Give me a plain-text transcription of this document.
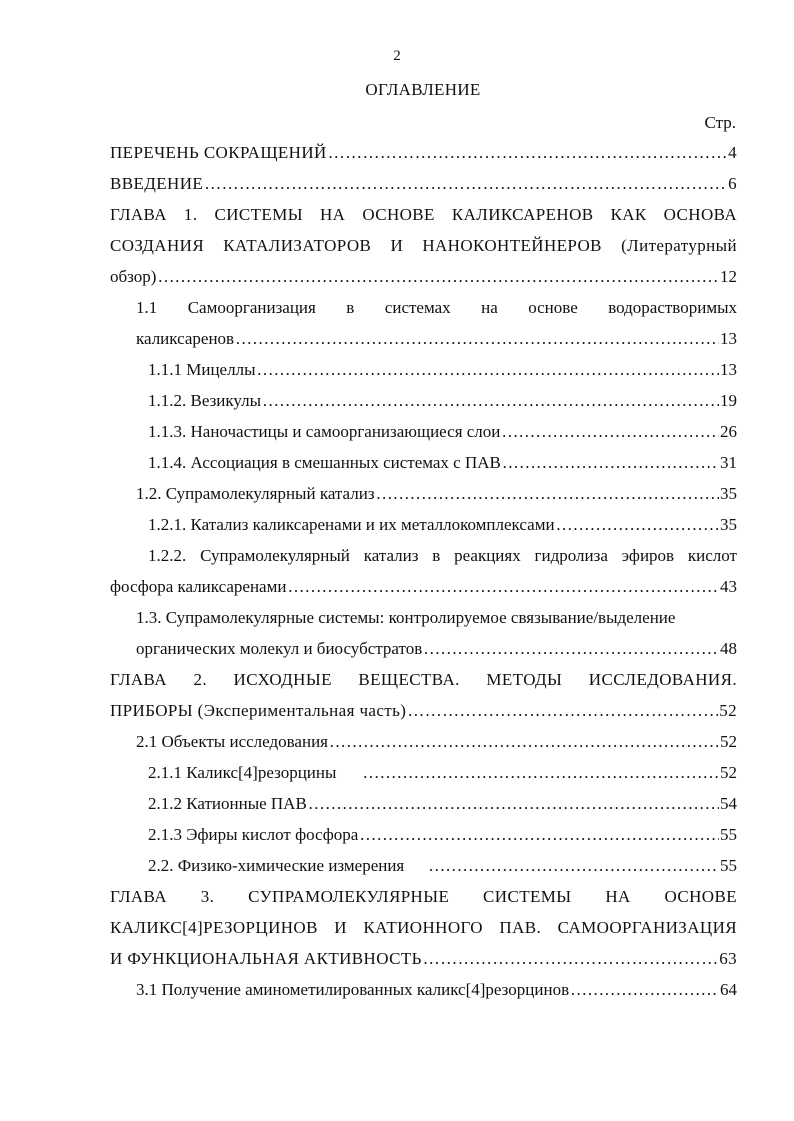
2
ОГЛАВЛЕНИЕ
Стр.
ПЕРЕЧЕНЬ СОКРАЩЕНИЙ ……………………………………………………………………………………………………………………………………………………………………	4
ВВЕДЕНИЕ ……………………………………………………………………………………………………………………………………………………………………	6
ГЛАВА 1. СИСТЕМЫ НА ОСНОВЕ КАЛИКСАРЕНОВ КАК ОСНОВА
СОЗДАНИЯ КАТАЛИЗАТОРОВ И НАНОКОНТЕЙНЕРОВ (Литературный
обзор) ……………………………………………………………………………………………………………………………………………………………………	12
1.1 Самоорганизация в системах на основе водорастворимых
каликсаренов ……………………………………………………………………………………………………………………………………………………………………	13
1.1.1 Мицеллы ……………………………………………………………………………………………………………………………………………………………………	13
1.1.2. Везикулы ……………………………………………………………………………………………………………………………………………………………………	19
1.1.3. Наночастицы и самоорганизающиеся слои ……………………………………………………………………………………………………………………………………………………………………	26
1.1.4. Ассоциация в смешанных системах с ПАВ ……………………………………………………………………………………………………………………………………………………………………	31
1.2. Супрамолекулярный катализ ……………………………………………………………………………………………………………………………………………………………………	35
1.2.1. Катализ каликсаренами и их металлокомплексами ……………………………………………………………………………………………………………………………………………………………………	35
1.2.2. Супрамолекулярный катализ в реакциях гидролиза эфиров кислот
фосфора каликсаренами ……………………………………………………………………………………………………………………………………………………………………	43
1.3. Супрамолекулярные системы: контролируемое связывание/выделение
органических молекул и биосубстратов ……………………………………………………………………………………………………………………………………………………………………	48
ГЛАВА 2. ИСХОДНЫЕ ВЕЩЕСТВА. МЕТОДЫ ИССЛЕДОВАНИЯ.
ПРИБОРЫ (Экспериментальная часть) ……………………………………………………………………………………………………………………………………………………………………	52
2.1 Объекты исследования ……………………………………………………………………………………………………………………………………………………………………	52
2.1.1 Каликс[4]резорцины ……………………………………………………………………………………………………………………………………………………………………	52
2.1.2 Катионные ПАВ ……………………………………………………………………………………………………………………………………………………………………	54
2.1.3 Эфиры кислот фосфора ……………………………………………………………………………………………………………………………………………………………………	55
2.2. Физико-химические измерения ……………………………………………………………………………………………………………………………………………………………………	55
ГЛАВА 3. СУПРАМОЛЕКУЛЯРНЫЕ СИСТЕМЫ НА ОСНОВЕ
КАЛИКС[4]РЕЗОРЦИНОВ И КАТИОННОГО ПАВ. САМООРГАНИЗАЦИЯ
И ФУНКЦИОНАЛЬНАЯ АКТИВНОСТЬ ……………………………………………………………………………………………………………………………………………………………………	63
3.1 Получение аминометилированных каликс[4]резорцинов ……………………………………………………………………………………………………………………………………………………………………	64
